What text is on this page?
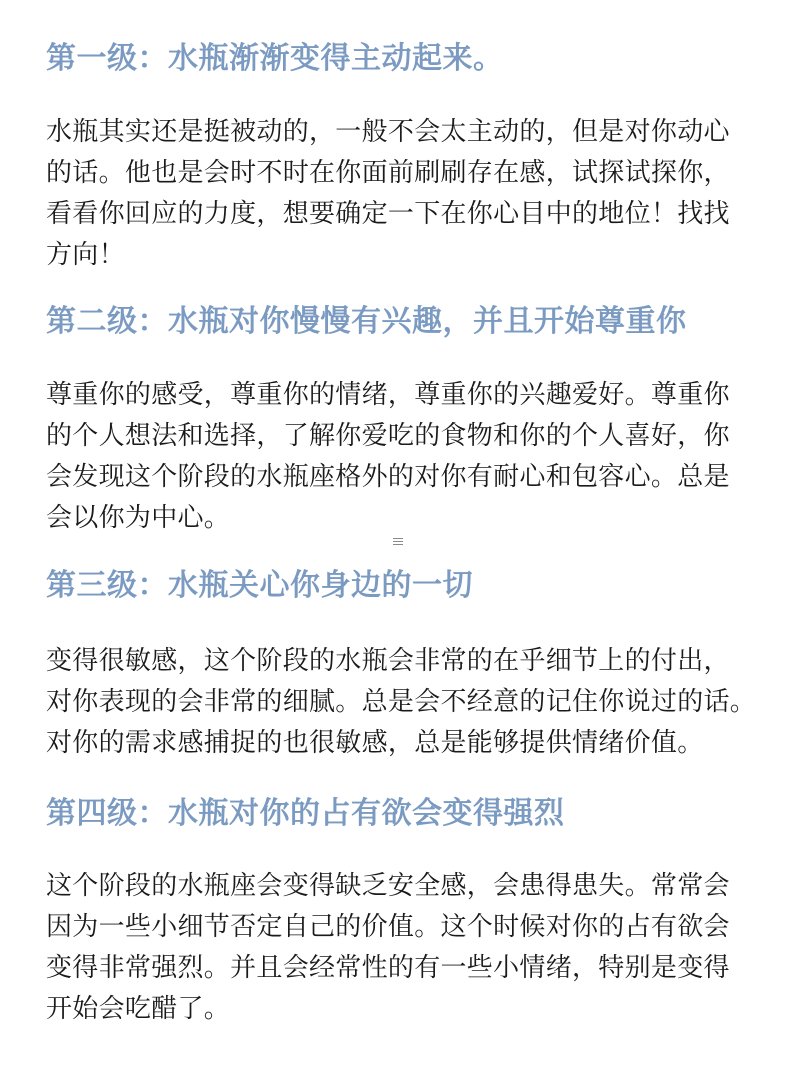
第一级：水瓶渐渐变得主动起来。
水瓶其实还是挺被动的，一般不会太主动的，但是对你动心
的话。他也是会时不时在你面前刷刷存在感，试探试探你，
看看你回应的力度，想要确定一下在你心目中的地位！找找
方向！
第二级：水瓶对你慢慢有兴趣，并且开始尊重你
尊重你的感受，尊重你的情绪，尊重你的兴趣爱好。尊重你
的个人想法和选择，了解你爱吃的食物和你的个人喜好，你
会发现这个阶段的水瓶座格外的对你有耐心和包容心。总是
会以你为中心。
第三级：水瓶关心你身边的一切
变得很敏感，这个阶段的水瓶会非常的在乎细节上的付出，
对你表现的会非常的细腻。总是会不经意的记住你说过的话。
对你的需求感捕捉的也很敏感，总是能够提供情绪价值。
第四级：水瓶对你的占有欲会变得强烈
这个阶段的水瓶座会变得缺乏安全感，会患得患失。常常会
因为一些小细节否定自己的价值。这个时候对你的占有欲会
变得非常强烈。并且会经常性的有一些小情绪，特别是变得
开始会吃醋了。
